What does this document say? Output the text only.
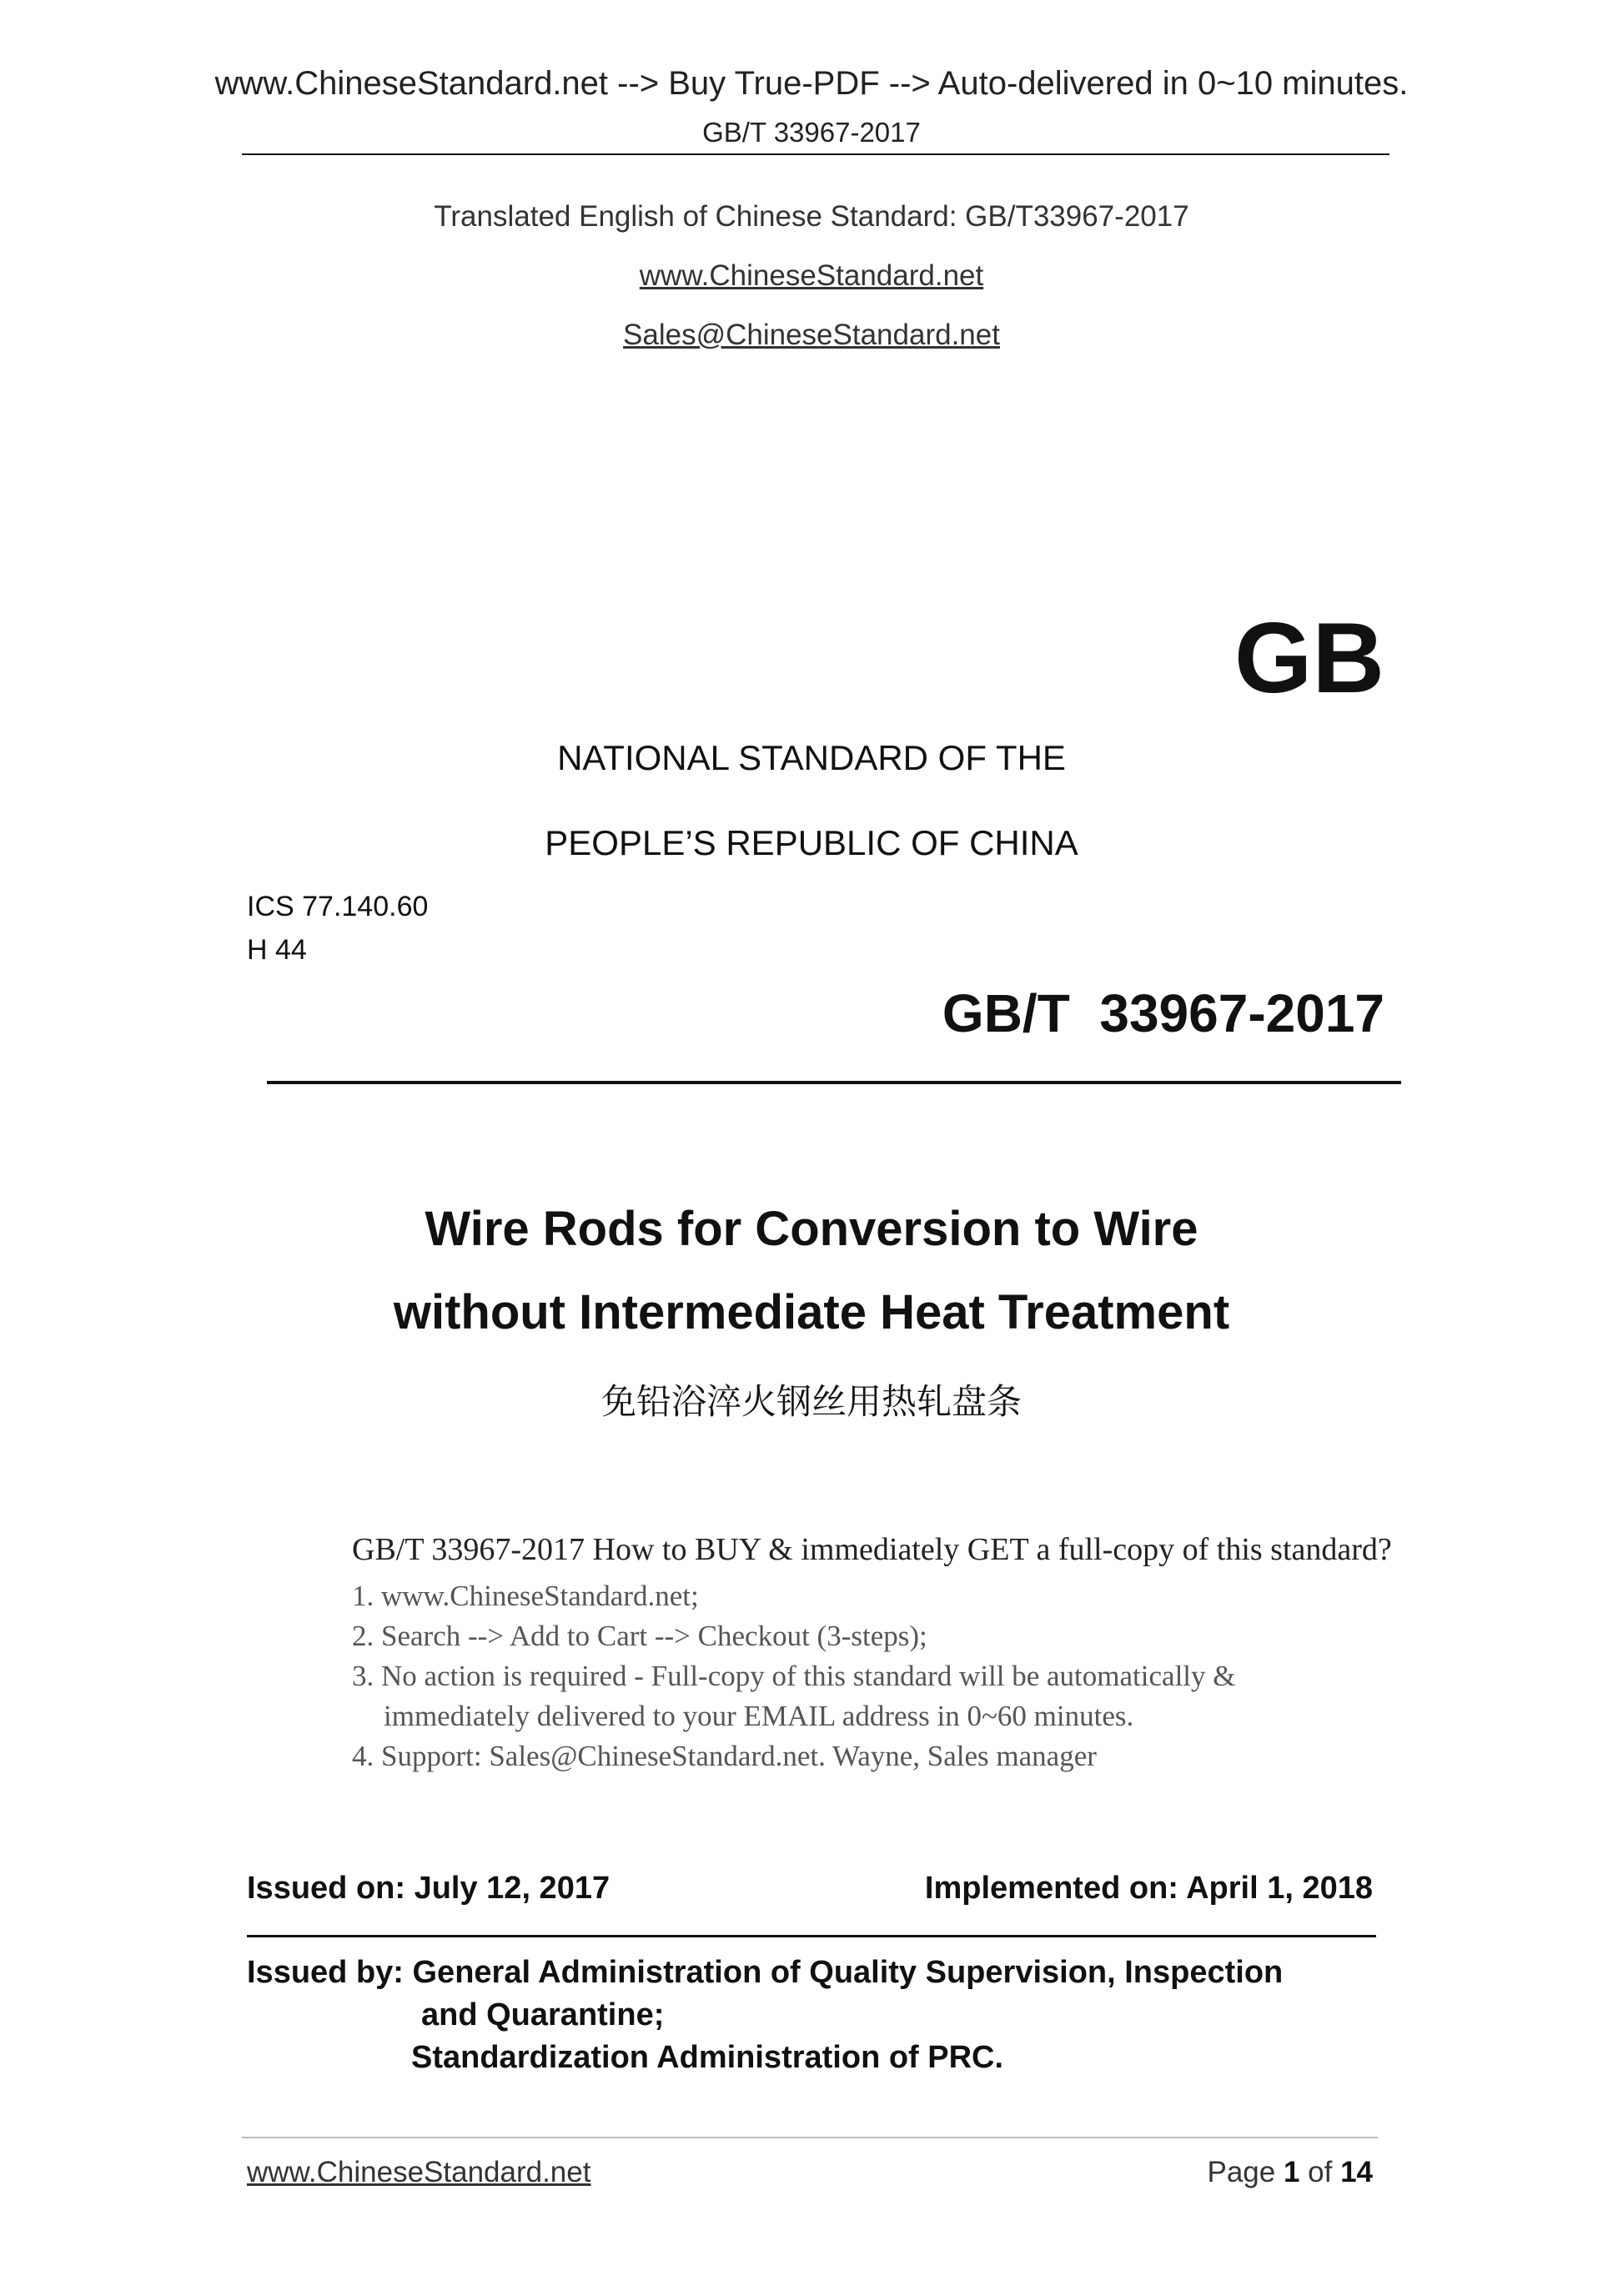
www.ChineseStandard.net --> Buy True-PDF --> Auto-delivered in 0~10 minutes.
GB/T 33967-2017
Translated English of Chinese Standard: GB/T33967-2017
www.ChineseStandard.net
Sales@ChineseStandard.net
GB
NATIONAL STANDARD OF THE
PEOPLE’S REPUBLIC OF CHINA
ICS 77.140.60
H 44
GB/T  33967-2017
Wire Rods for Conversion to Wire
without Intermediate Heat Treatment
免铅浴淬火钢丝用热轧盘条
GB/T 33967-2017 How to BUY & immediately GET a full-copy of this standard?
1. www.ChineseStandard.net;
2. Search --> Add to Cart --> Checkout (3-steps);
3. No action is required - Full-copy of this standard will be automatically &
immediately delivered to your EMAIL address in 0~60 minutes.
4. Support: Sales@ChineseStandard.net. Wayne, Sales manager
Issued on: July 12, 2017	Implemented on: April 1, 2018
Issued by: General Administration of Quality Supervision, Inspection
and Quarantine;
Standardization Administration of PRC.
www.ChineseStandard.net	Page 1 of 14
